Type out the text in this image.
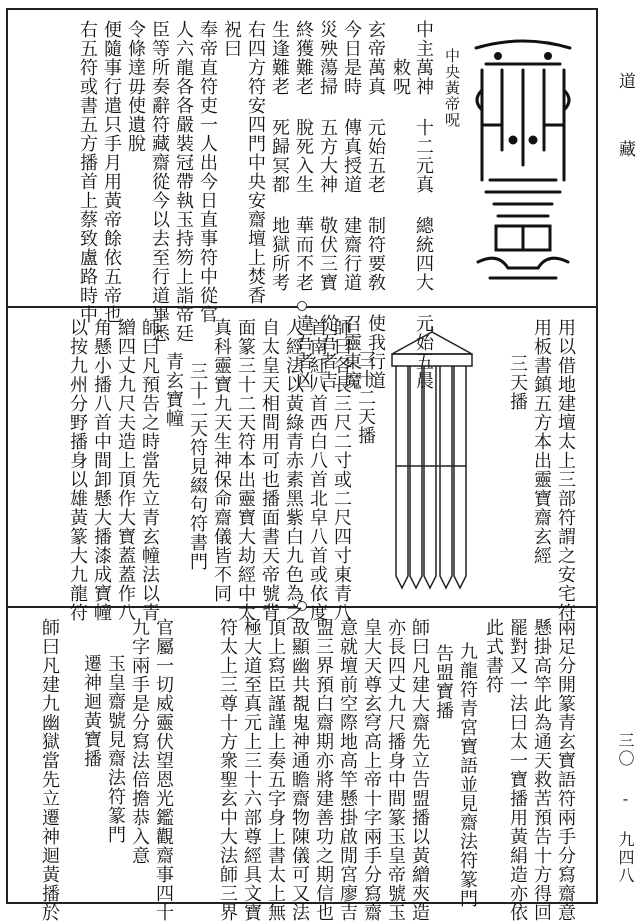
道
藏
三〇 - 九四八
中央黃帝呪
中主萬神 十二元真 總統四大 元始五晨
敕呪
玄帝萬真 元始五老 制符要敎 使我行道
今日是時 傳真授道 建齋行道 召靈東魔
災殃蕩掃 五方大神 敬伏三寶 從吾者吉
終獲難老 脫死入生 華而不老 違吾者凶
生逢難老 死歸冥都 地獄所考
右四方符安四門中央安齋壇上焚香
祝曰
奉帝直符吏一人出今日直事符中從官
人六龍各各嚴裝冠帶執玉持笏上詣帝廷
臣等所奏辭符藏齋從今以去至行道畢悉
令條達毋使遺脫
便隨事行遣只手月用黃帝餘依五帝也
右五符或書五方播首上蔡致盧路時中
用以借地建壇太上三部符謂之安宅符
用板書鎮五方本出靈寶齋玄經
三天播
三十二天播
師曰各長三尺二寸或二尺四寸東青八
首南紅八首西白八首北皁八首或依度
人經法以黃綠青赤素黑紫白九色為之
自太皇天相間用可也播面書天帝號背
面篆三十二天符本出靈寶大劫經中太
真科靈寶九天生神保命齋儀皆不同
三十二天符見綴句符書門
青玄寶幢
師曰凡預告之時當先立青玄幢法以青
繒四丈九尺夫造上頂作大寶蓋蓋作八
角懸小播八首中間卸懸大播漆成寶幢
以按九州分野播身以雄黃篆大九龍符
兩足分開篆青玄寶語符兩手分寫齋意
懸掛高竿此為通天救苦預告十方得回
罷對又一法曰太一寶播用黃絹造亦依
此式書符
九龍符青宮寶語並見齋法符篆門
告盟寶播
師曰凡建大齋先立告盟播以黃繒夾造
亦長四丈九尺播身中間篆玉皇帝號玉
皇大天尊玄穹高上帝十字兩手分寫齋
意就壇前空際地高竿懸掛啟閒宮廖吉
盟三界預白齋期亦將建善功之期信也
故顯幽共覩鬼神通瞻齋物陳儀可又法
頂上寫臣謹謹上奏五字身上書太上無
極大道至真元上三十六部尊經具文寶
符太上三尊十方衆聖玄中大法師三界
官屬一切威靈伏望恩光鑑觀齋事四十
九字兩手是分寫法倍擔恭入意
玉皇齋號見齋法符篆門
遷神迴黃寶播
師曰凡建九幽獄當先立遷神迴黃播於
